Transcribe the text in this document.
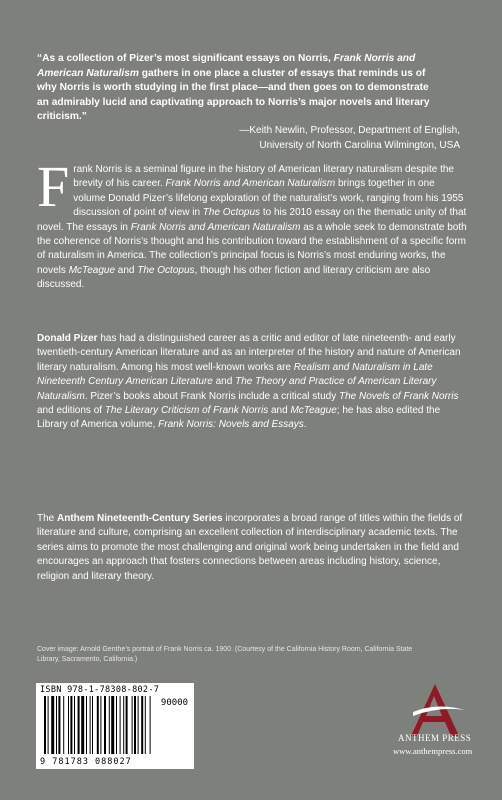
“As a collection of Pizer’s most significant essays on Norris, Frank Norris and American Naturalism gathers in one place a cluster of essays that reminds us of why Norris is worth studying in the first place—and then goes on to demonstrate an admirably lucid and captivating approach to Norris’s major novels and literary criticism.”
—Keith Newlin, Professor, Department of English,
University of North Carolina Wilmington, USA
Frank Norris is a seminal figure in the history of American literary naturalism despite the brevity of his career. Frank Norris and American Naturalism brings together in one volume Donald Pizer’s lifelong exploration of the naturalist’s work, ranging from his 1955 discussion of point of view in The Octopus to his 2010 essay on the thematic unity of that novel. The essays in Frank Norris and American Naturalism as a whole seek to demonstrate both the coherence of Norris’s thought and his contribution toward the establishment of a specific form of naturalism in America. The collection’s principal focus is Norris’s most enduring works, the novels McTeague and The Octopus, though his other fiction and literary criticism are also discussed.
Donald Pizer has had a distinguished career as a critic and editor of late nineteenth- and early twentieth-century American literature and as an interpreter of the history and nature of American literary naturalism. Among his most well-known works are Realism and Naturalism in Late Nineteenth Century American Literature and The Theory and Practice of American Literary Naturalism. Pizer’s books about Frank Norris include a critical study The Novels of Frank Norris and editions of The Literary Criticism of Frank Norris and McTeague; he has also edited the Library of America volume, Frank Norris: Novels and Essays.
The Anthem Nineteenth-Century Series incorporates a broad range of titles within the fields of literature and culture, comprising an excellent collection of interdisciplinary academic texts. The series aims to promote the most challenging and original work being undertaken in the field and encourages an approach that fosters connections between areas including history, science, religion and literary theory.
Cover image: Arnold Genthe’s portrait of Frank Norris ca. 1900. (Courtesy of the California History Room, California State Library, Sacramento, California.)
ISBN 978-1-78308-802-7
90000
9 781783 088027
ANTHEM PRESS
www.anthempress.com
